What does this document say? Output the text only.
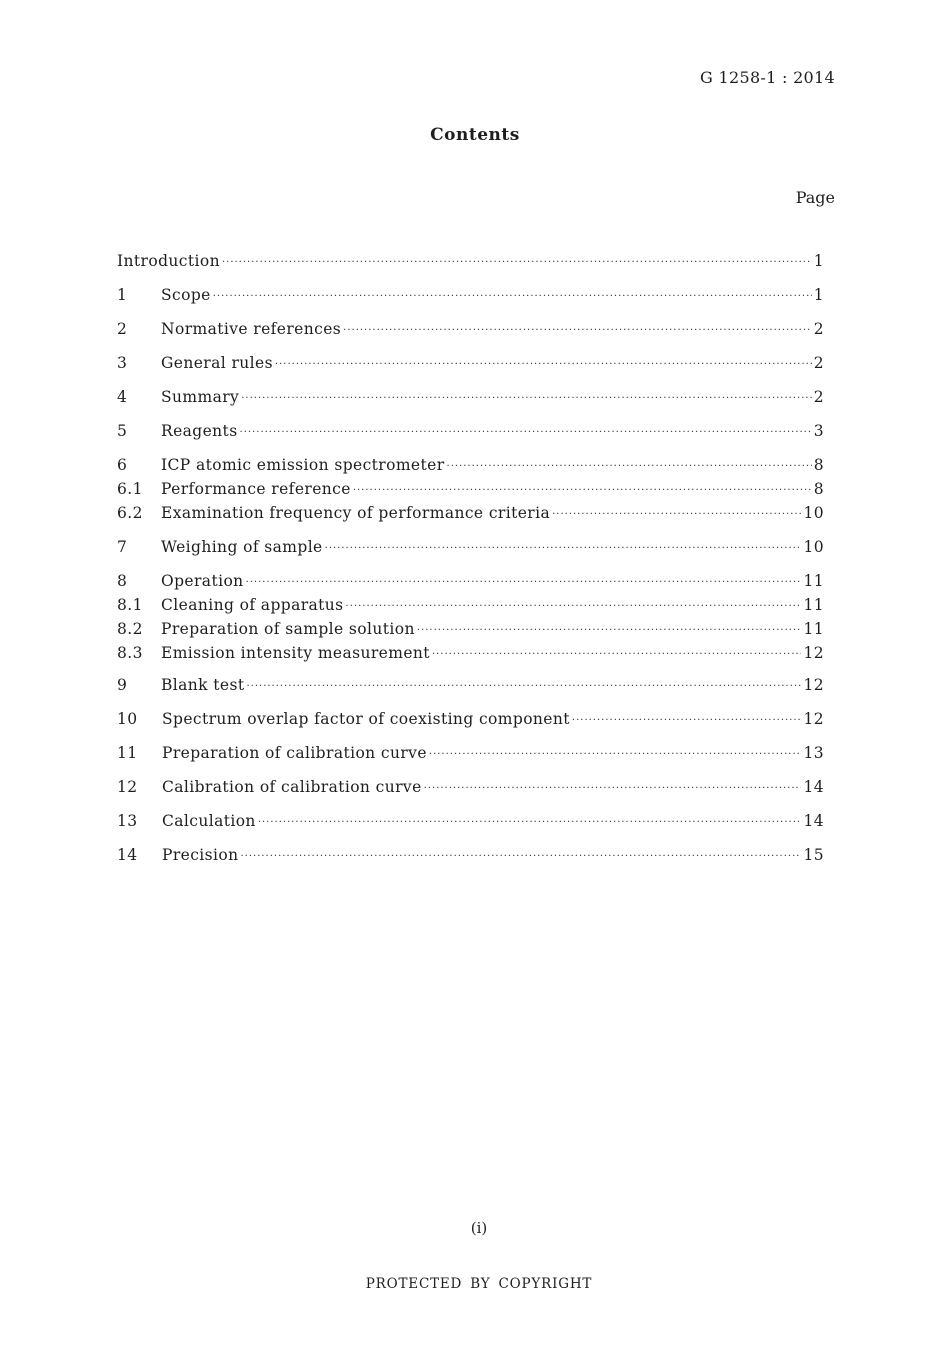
G 1258-1 : 2014
Contents
Page
Introduction ·····	1
1	Scope ·····	1
2	Normative references ·····	2
3	General rules ·····	2
4	Summary ·····	2
5	Reagents ·····	3
6	ICP atomic emission spectrometer ·····	8
6.1	Performance reference ·····	8
6.2	Examination frequency of performance criteria ·····	10
7	Weighing of sample ·····	10
8	Operation ·····	11
8.1	Cleaning of apparatus ·····	11
8.2	Preparation of sample solution ·····	11
8.3	Emission intensity measurement ·····	12
9	Blank test ·····	12
10	Spectrum overlap factor of coexisting component ·····	12
11	Preparation of calibration curve ·····	13
12	Calibration of calibration curve ·····	14
13	Calculation ·····	14
14	Precision ·····	15
(i)
PROTECTED BY COPYRIGHT
